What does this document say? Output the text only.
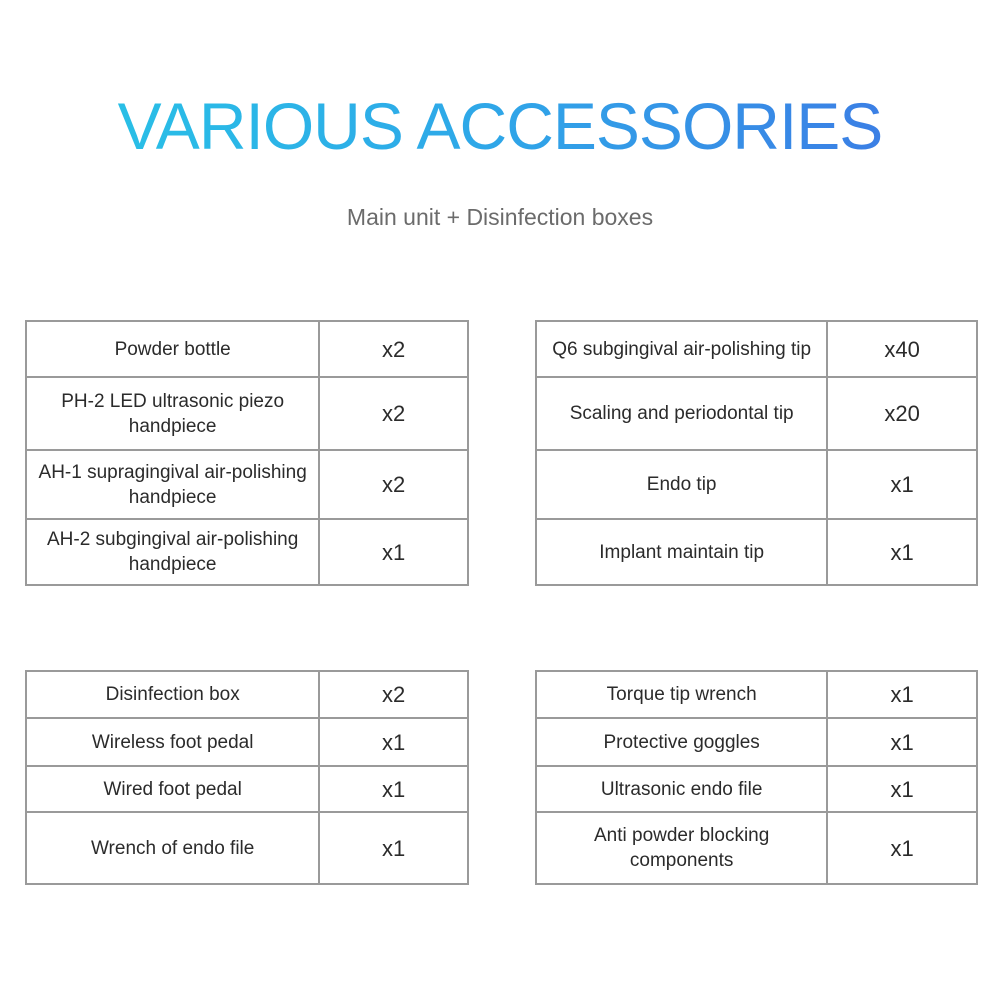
VARIOUS ACCESSORIES

Main unit + Disinfection boxes

Powder bottle	x2
PH-2 LED ultrasonic piezo handpiece	x2
AH-1 supragingival air-polishing handpiece	x2
AH-2 subgingival air-polishing handpiece	x1
Q6 subgingival air-polishing tip	x40
Scaling and periodontal tip	x20
Endo tip	x1
Implant maintain tip	x1
Disinfection box	x2
Wireless foot pedal	x1
Wired foot pedal	x1
Wrench of endo file	x1
Torque tip wrench	x1
Protective goggles	x1
Ultrasonic endo file	x1
Anti powder blocking components	x1
